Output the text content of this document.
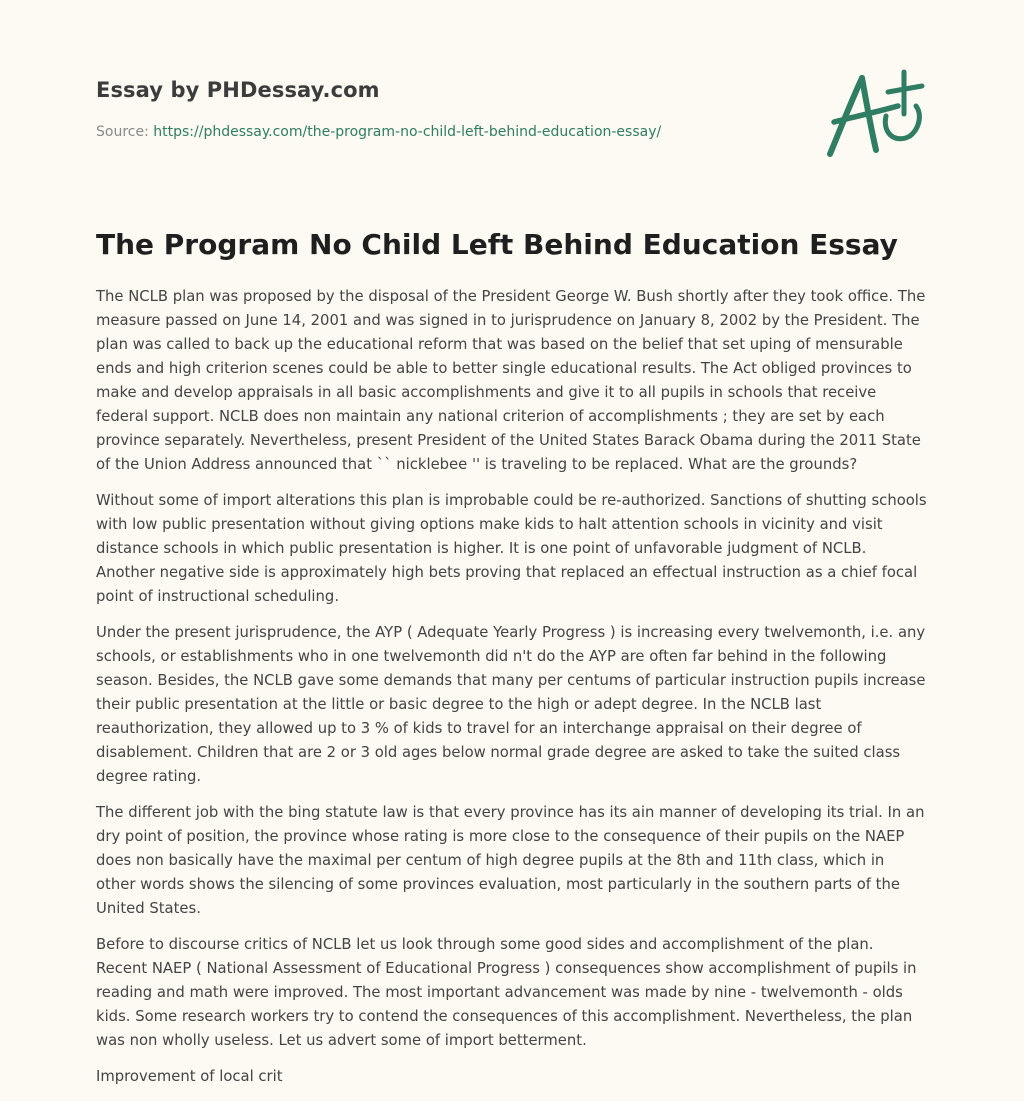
Essay by PHDessay.com
Source: https://phdessay.com/the-program-no-child-left-behind-education-essay/
The Program No Child Left Behind Education Essay

The NCLB plan was proposed by the disposal of the President George W. Bush shortly after they took office. The measure passed on June 14, 2001 and was signed in to jurisprudence on January 8, 2002 by the President. The plan was called to back up the educational reform that was based on the belief that set uping of mensurable ends and high criterion scenes could be able to better single educational results. The Act obliged provinces to make and develop appraisals in all basic accomplishments and give it to all pupils in schools that receive federal support. NCLB does non maintain any national criterion of accomplishments ; they are set by each province separately. Nevertheless, present President of the United States Barack Obama during the 2011 State of the Union Address announced that `` nicklebee '' is traveling to be replaced. What are the grounds?

Without some of import alterations this plan is improbable could be re-authorized. Sanctions of shutting schools with low public presentation without giving options make kids to halt attention schools in vicinity and visit distance schools in which public presentation is higher. It is one point of unfavorable judgment of NCLB. Another negative side is approximately high bets proving that replaced an effectual instruction as a chief focal point of instructional scheduling.

Under the present jurisprudence, the AYP ( Adequate Yearly Progress ) is increasing every twelvemonth, i.e. any schools, or establishments who in one twelvemonth did n't do the AYP are often far behind in the following season. Besides, the NCLB gave some demands that many per centums of particular instruction pupils increase their public presentation at the little or basic degree to the high or adept degree. In the NCLB last reauthorization, they allowed up to 3 % of kids to travel for an interchange appraisal on their degree of disablement. Children that are 2 or 3 old ages below normal grade degree are asked to take the suited class degree rating.

The different job with the bing statute law is that every province has its ain manner of developing its trial. In an dry point of position, the province whose rating is more close to the consequence of their pupils on the NAEP does non basically have the maximal per centum of high degree pupils at the 8th and 11th class, which in other words shows the silencing of some provinces evaluation, most particularly in the southern parts of the United States.

Before to discourse critics of NCLB let us look through some good sides and accomplishment of the plan. Recent NAEP ( National Assessment of Educational Progress ) consequences show accomplishment of pupils in reading and math were improved. The most important advancement was made by nine - twelvemonth - olds kids. Some research workers try to contend the consequences of this accomplishment. Nevertheless, the plan was non wholly useless. Let us advert some of import betterment.

Improvement of local crit
